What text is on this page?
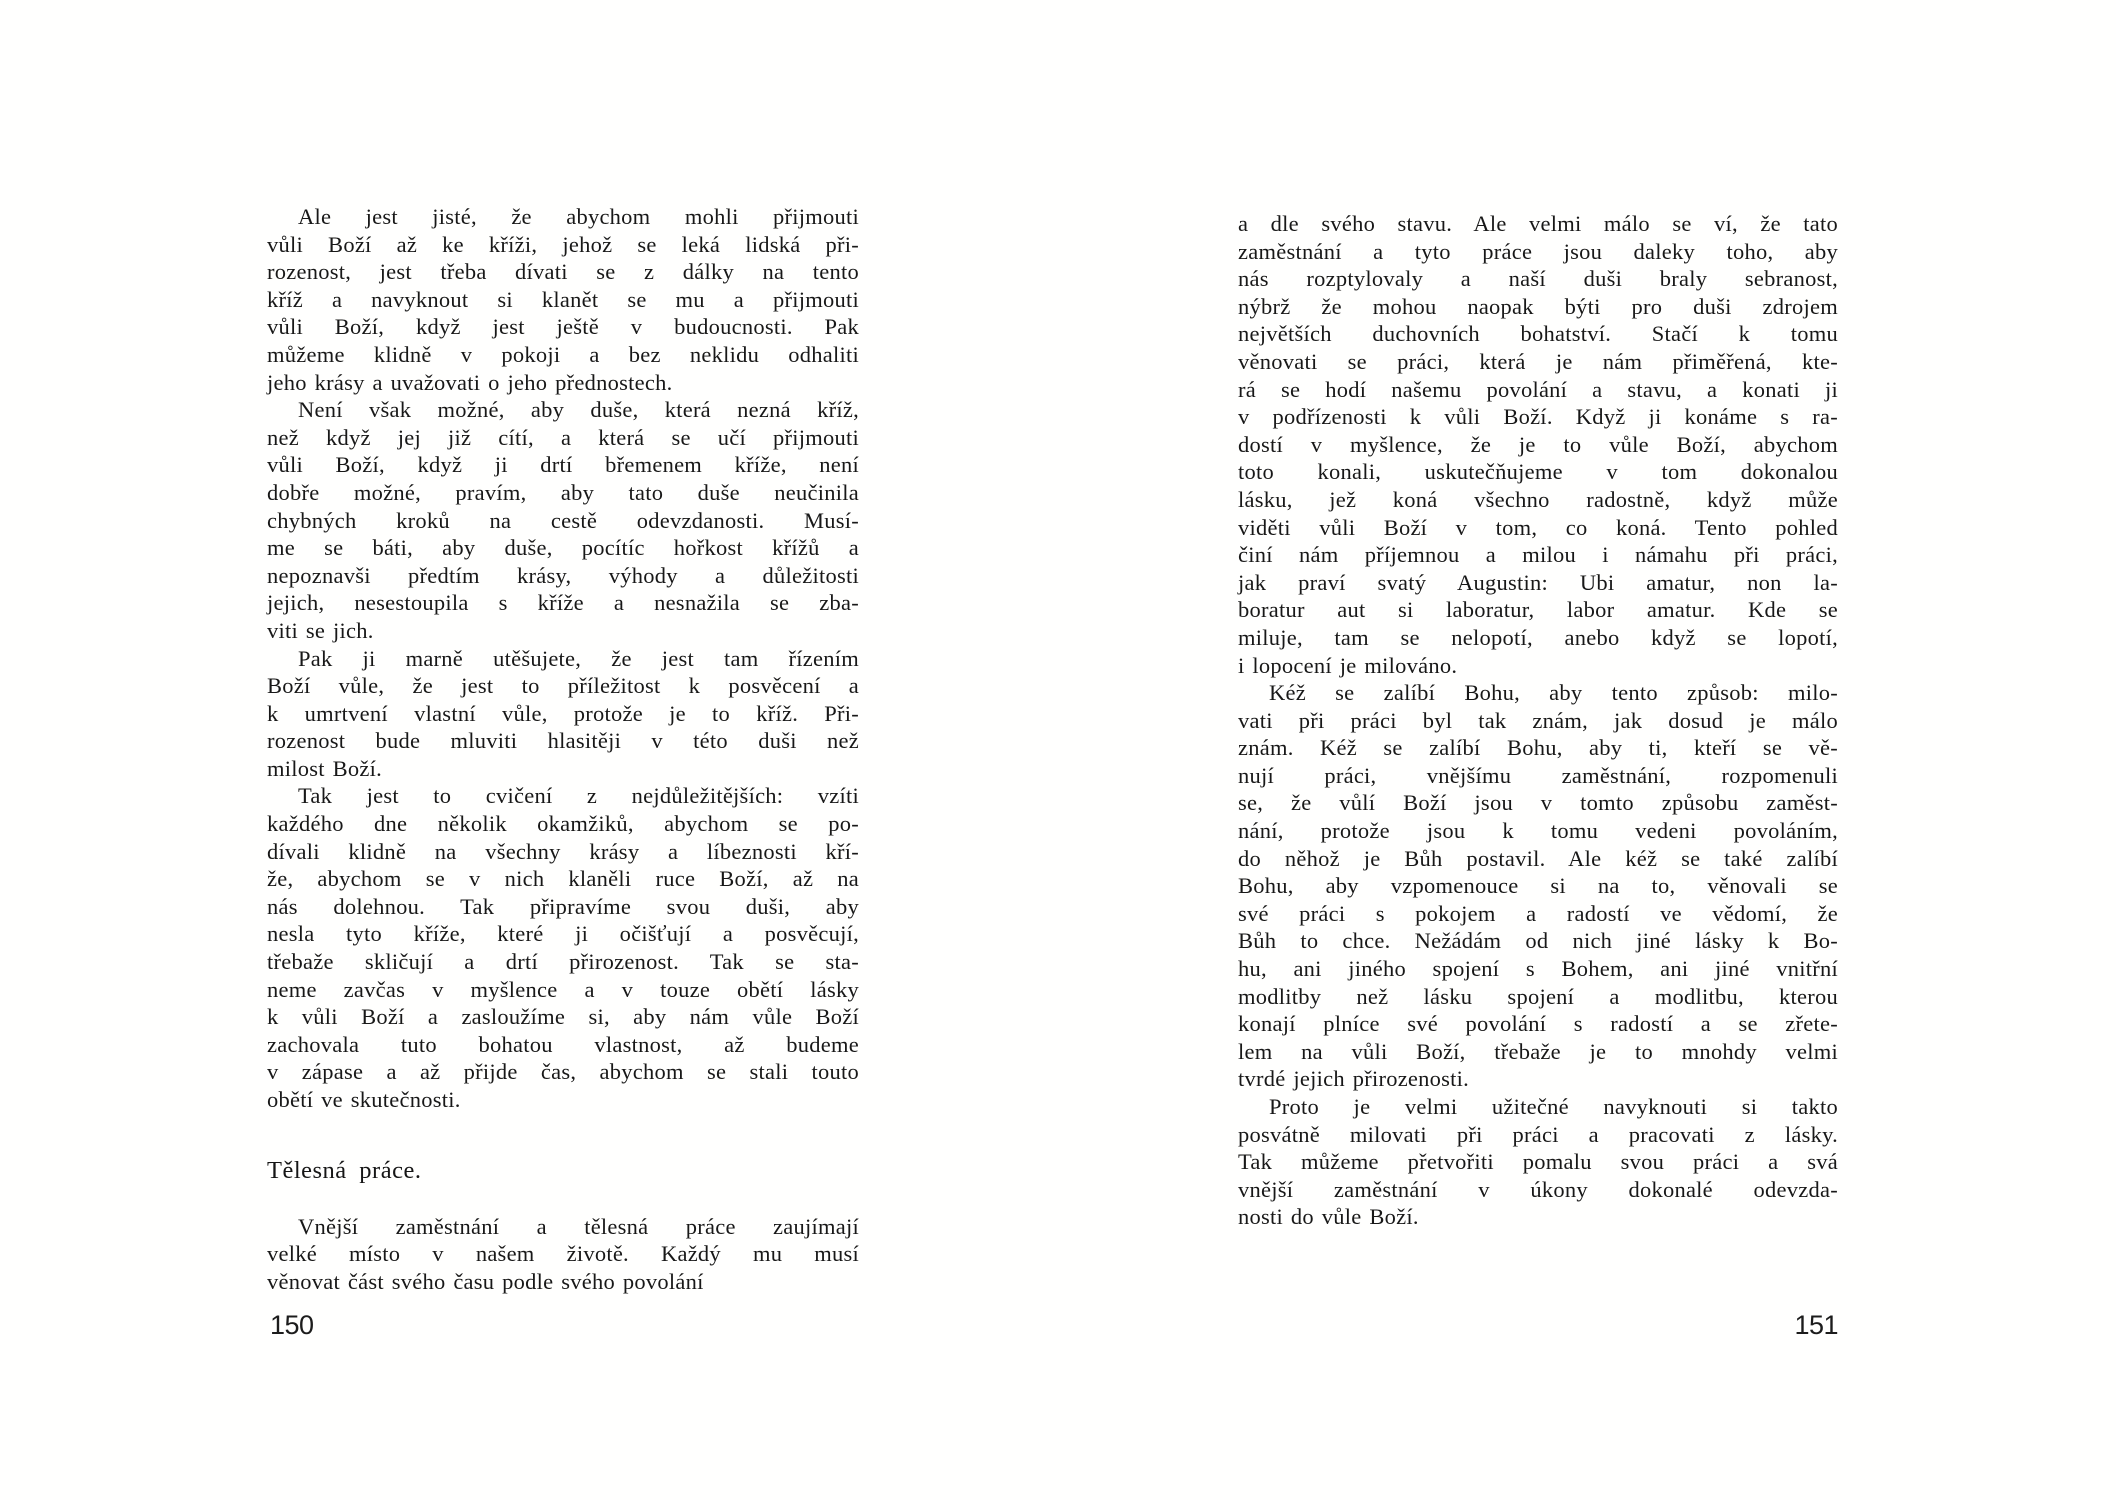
Ale jest jisté, že abychom mohli přijmouti
vůli Boží až ke kříži, jehož se leká lidská při-
rozenost, jest třeba dívati se z dálky na tento
kříž a navyknout si klanět se mu a přijmouti
vůli Boží, když jest ještě v budoucnosti. Pak
můžeme klidně v pokoji a bez neklidu odhaliti
jeho krásy a uvažovati o jeho přednostech.
Není však možné, aby duše, která nezná kříž,
než když jej již cítí, a která se učí přijmouti
vůli Boží, když ji drtí břemenem kříže, není
dobře možné, pravím, aby tato duše neučinila
chybných kroků na cestě odevzdanosti. Musí-
me se báti, aby duše, pocítíc hořkost křížů a
nepoznavši předtím krásy, výhody a důležitosti
jejich, nesestoupila s kříže a nesnažila se zba-
viti se jich.
Pak ji marně utěšujete, že jest tam řízením
Boží vůle, že jest to příležitost k posvěcení a
k umrtvení vlastní vůle, protože je to kříž. Při-
rozenost bude mluviti hlasitěji v této duši než
milost Boží.
Tak jest to cvičení z nejdůležitějších: vzíti
každého dne několik okamžiků, abychom se po-
dívali klidně na všechny krásy a líbeznosti kří-
že, abychom se v nich klaněli ruce Boží, až na
nás dolehnou. Tak připravíme svou duši, aby
nesla tyto kříže, které ji očišťují a posvěcují,
třebaže skličují a drtí přirozenost. Tak se sta-
neme zavčas v myšlence a v touze obětí lásky
k vůli Boží a zasloužíme si, aby nám vůle Boží
zachovala tuto bohatou vlastnost, až budeme
v zápase a až přijde čas, abychom se stali touto
obětí ve skutečnosti.
Tělesná práce.
Vnější zaměstnání a tělesná práce zaujímají
velké místo v našem životě. Každý mu musí
věnovat část svého času podle svého povolání
a dle svého stavu. Ale velmi málo se ví, že tato
zaměstnání a tyto práce jsou daleky toho, aby
nás rozptylovaly a naší duši braly sebranost,
nýbrž že mohou naopak býti pro duši zdrojem
největších duchovních bohatství. Stačí k tomu
věnovati se práci, která je nám přiměřená, kte-
rá se hodí našemu povolání a stavu, a konati ji
v podřízenosti k vůli Boží. Když ji konáme s ra-
dostí v myšlence, že je to vůle Boží, abychom
toto konali, uskutečňujeme v tom dokonalou
lásku, jež koná všechno radostně, když může
viděti vůli Boží v tom, co koná. Tento pohled
činí nám příjemnou a milou i námahu při práci,
jak praví svatý Augustin: Ubi amatur, non la-
boratur aut si laboratur, labor amatur. Kde se
miluje, tam se nelopotí, anebo když se lopotí,
i lopocení je milováno.
Kéž se zalíbí Bohu, aby tento způsob: milo-
vati při práci byl tak znám, jak dosud je málo
znám. Kéž se zalíbí Bohu, aby ti, kteří se vě-
nují práci, vnějšímu zaměstnání, rozpomenuli
se, že vůlí Boží jsou v tomto způsobu zaměst-
nání, protože jsou k tomu vedeni povoláním,
do něhož je Bůh postavil. Ale kéž se také zalíbí
Bohu, aby vzpomenouce si na to, věnovali se
své práci s pokojem a radostí ve vědomí, že
Bůh to chce. Nežádám od nich jiné lásky k Bo-
hu, ani jiného spojení s Bohem, ani jiné vnitřní
modlitby než lásku spojení a modlitbu, kterou
konají plníce své povolání s radostí a se zřete-
lem na vůli Boží, třebaže je to mnohdy velmi
tvrdé jejich přirozenosti.
Proto je velmi užitečné navyknouti si takto
posvátně milovati při práci a pracovati z lásky.
Tak můžeme přetvořiti pomalu svou práci a svá
vnější zaměstnání v úkony dokonalé odevzda-
nosti do vůle Boží.
150	151
